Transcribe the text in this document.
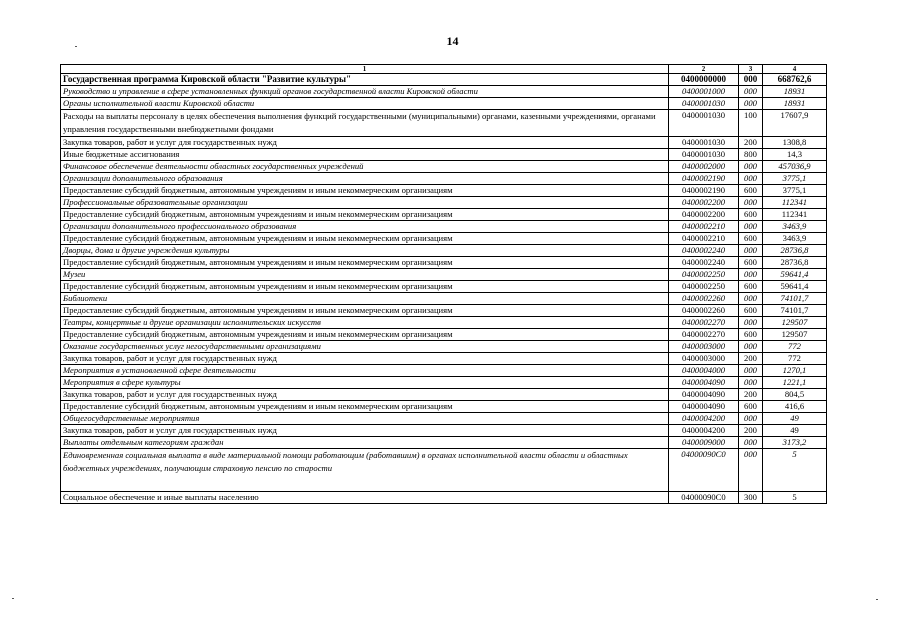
14
1	2	3	4
Государственная программа Кировской области "Развитие культуры"	0400000000	000	668762,6
Руководство и управление в сфере установленных функций органов государственной власти Кировской области	0400001000	000	18931
Органы исполнительной власти Кировской области	0400001030	000	18931
Расходы на выплаты персоналу в целях обеспечения выполнения функций государственными (муниципальными) органами, казенными учреждениями, органами управления государственными внебюджетными фондами	0400001030	100	17607,9
Закупка товаров, работ и услуг для государственных нужд	0400001030	200	1308,8
Иные бюджетные ассигнования	0400001030	800	14,3
Финансовое обеспечение деятельности областных государственных учреждений	0400002000	000	457036,9
Организации дополнительного образования	0400002190	000	3775,1
Предоставление субсидий бюджетным, автономным учреждениям и иным некоммерческим организациям	0400002190	600	3775,1
Профессиональные образовательные организации	0400002200	000	112341
Предоставление субсидий бюджетным, автономным учреждениям и иным некоммерческим организациям	0400002200	600	112341
Организации дополнительного профессионального образования	0400002210	000	3463,9
Предоставление субсидий бюджетным, автономным учреждениям и иным некоммерческим организациям	0400002210	600	3463,9
Дворцы, дома и другие учреждения культуры	0400002240	000	28736,8
Предоставление субсидий бюджетным, автономным учреждениям и иным некоммерческим организациям	0400002240	600	28736,8
Музеи	0400002250	000	59641,4
Предоставление субсидий бюджетным, автономным учреждениям и иным некоммерческим организациям	0400002250	600	59641,4
Библиотеки	0400002260	000	74101,7
Предоставление субсидий бюджетным, автономным учреждениям и иным некоммерческим организациям	0400002260	600	74101,7
Театры, концертные и другие организации исполнительских искусств	0400002270	000	129507
Предоставление субсидий бюджетным, автономным учреждениям и иным некоммерческим организациям	0400002270	600	129507
Оказание государственных услуг негосударственными организациями	0400003000	000	772
Закупка товаров, работ и услуг для государственных нужд	0400003000	200	772
Мероприятия в установленной сфере деятельности	0400004000	000	1270,1
Мероприятия в сфере культуры	0400004090	000	1221,1
Закупка товаров, работ и услуг для государственных нужд	0400004090	200	804,5
Предоставление субсидий бюджетным, автономным учреждениям и иным некоммерческим организациям	0400004090	600	416,6
Общегосударственные мероприятия	0400004200	000	49
Закупка товаров, работ и услуг для государственных нужд	0400004200	200	49
Выплаты отдельным категориям граждан	0400009000	000	3173,2
Единовременная социальная выплата в виде материальной помощи работающим (работавшим) в органах исполнительной власти области и областных бюджетных учреждениях, получающим страховую пенсию по старости	04000090С0	000	5
Социальное обеспечение и иные выплаты населению	04000090С0	300	5
